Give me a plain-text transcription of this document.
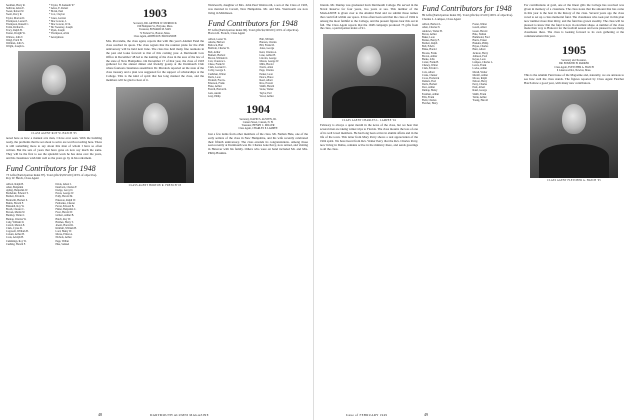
Seelman, Harry R.
Sullivan, Allan E.
Sweet, Robert W.
Swett, Percy R.
Taylor, Morton D.
Thompson, Lester E.
Thompson, Russell C.
Tobin, Richard L.
Tracy, Ralph H.
Turner, Dwight W.
Wallace, John T.
Weigl, Erich H.
Wellman, John S.
Wright, Joseph G.
* Taylor, H. Kenneth '07
* Amos, E. Robert
* Bolan, Paul
* Cox, Clayton
* Jones, Gordon
* Mac Gowan, J.
* Mac Gowan, W. R.
* Mc Sweeney, Joseph
* Ryan, Joseph
* Thompson, Alvin
* Anonymous
CLASS AGENT ROY W. HATCH '05
noted here as how a manual arts man, I have ever seen. With the building ready, the problems that he set about to solve are worth recording here. There is still something more to say about this man of whom I have so often written. But the sets of years that have gone on now say much the same. They will be the first to see the splendid work he has done over the years, and his classmates wish him well as the years go by in his retirement.
Fund Contributors for 1948
73 Gifts (Participation Index 87). Total gifts $3,815.00 (103% of objective). Roy W. Hatch, Class Agent
Abbott, Ralph B.
Allen, Benjamin
Ayling, Benjamin W.
Bachelder, Edward T.
Bartlett, Edwin R.
Beckwith, Herbert S.
Bemis, Harold F.
Blaisdell, Roy W.
Booth, Chester C.
Bowen, Martin W.
Buckley, Walter J.
Burnap, Charles W.
Cady, William D.
Carroll, Merton E.
Clark, Cyrus D.
Cogswell, William B.
Conant, Arthur B.
Cook, Adolph H.
Cummings, Roy W.
Cushing, Harold F.
Davis, Albert J.
Dearborn, Charles F.
Dodge, Leroy D.
Eaton, George W.
Eddy, Harold M.
Emerson, Ralph W.
Fairbanks, Chester
Farrar, Edward B.
Fisher, Benjamin C.
Frost, Harold W.
Gilbert, Arthur B.
Hatch, Roy W.
Holmes, Harry T.
Jewett, Harold R.
Kimball, William H.
Lord, Henry W.
Morse, Elmer A.
Nichols, Arthur
Page, Wilbur
Pike, Samuel
1903
Secretary, DR. ARTHUR W. MURDOCK
196 Hampden St., Holyoke, Mass.
Treasurer, EDWARD M. MAY
72 Federal St., Boston, Mass.
Class Agent, ARTHUR H. PROVANDIE
Mrs. Provandie, the class agent, reports that with this year's Alumni Fund the class reached its quota. The class regrets that the reunion plans for the 45th anniversary will be held next June. The class has held many fine reunions in the past and looks forward to that of this coming year. A Dartmouth Law Office in December '48 led to the naming of the class in the area of the law of the state of New Hampshire. On December 17 of that year, the class of 1903 gathered for the annual dinner and friendly gossip at the Dartmouth Club where fourteen classmates assembled. Dr. Murdock reported on the state of the class treasury and a plan was suggested for the support of scholarships at the College. This is the kind of spirit that has long marked the class, and the members will be glad to hear of it.
CLASS AGENT HORTON R. FRENCH '03
Wentworth, daughter of Mrs. John Paul Wentworth, a son of the Class of 1903, was married in Carroll, New Hampshire. Mr. and Mrs. Wentworth are now living in Middlesex.
Fund Contributors for 1948
87 Gifts (Participation Index 90). Total gifts $4,320.00 (119% of objective). Horton R. French, Class Agent
Abbott, Lester W.
Adams, Herbert
Babcock, Burt
Baldwin, Charles W.
Bell, Arthur
Bennett, Herbert
Brown, William O.
Carr, Clarence L.
Chase, Frank W.
Clark, Leonard C.
Colby, George S.
Cushman, Walter
Davis, Leon
Dwinell, Fred A.
Emerson, Frank
Fiske, Arthur
French, Horton R.
Gale, Austin
Gray, Philip
Hall, William
Hanson, Charles
Hill, Frank M.
Jones, George
Kent, Charles A.
Lane, Arthur H.
Lincoln, George
Mason, George W.
Mills, Harold
Norris, Allen
Page, Charles
Parker, Leon
Pierce, Bruce
Reed, Albert
Rice, Everett
Smith, Harold
Stone, Walter
Taylor, Earl
Wood, Arthur
1904
Secretary, DAVID S. AUSTEN, JR.
Canaan Street, Canaan, N. H.
Treasurer, HENRY C. MILLER
Class Agent, CHARLES P. LAMPEE
Just a few items from other members of the class. Mr. Nathan Hale, one of the early settlers of the class in New Hampshire, and his wife recently celebrated their fiftieth anniversary. The class extends its congratulations. Among those seen recently at Dartmouth was Dr. Charles Gale Perry, now retired, and visiting in Hanover with his family. Others who were on hand included Mr. and Mrs. Philip Haskins.
48	DARTMOUTH ALUMNI MAGAZINE
friends. Mr. Dunlap was graduated from Dartmouth College. He served in the Naval Reserve for four years, two years at sea. This number of the MAGAZINE is given over to the Alumni Fund and we submit those names that could fall within our space. It has often been said that the class of 1904 is among the most faithful to the College, and the present figures bear this out in full. The Class Agent reports that the 1948 campaign produced 73 gifts from the class, a participation index of 91.
CLASS AGENT CHARLES L. LAMPEE '04
February is always a quiet month in the news of the class, but we hear that several men are taking winter trips to Florida. The class mourns the loss of one of its well loved members. He had long been active in alumni affairs and in the life of the town. This letter from Mary Perry shows a real appreciation of the 1904 spirit. We have heard from Rev. Walter Perry that the Rev. Charles Perry, now living in Dallas, remains active in the ministry there, and sends greetings to all the class.
Fund Contributors for 1948
89 Gifts (Participation Index 95). Total gifts $4,115.00 (106% of objective). Charles L. Lampee, Class Agent
Abbott, Herbert L.
Allen, Charles N.
Andrews, Walter B.
Bacon, Arthur
Baker, Leon
Barnes, Henry F.
Bartlett, Ralph
Bell, Edwin
Blake, Harold
Brooks, Frank
Brown, Arthur
Burke, John
Carter, Frank H.
Cheney, Walter
Clark, Edwin C.
Cole, Albert
Crane, Chester
Cross, Frederick
Daniels, Fred
Davis, Herbert
Dow, Arthur
Dunlap, Henry
Eastman, Arthur
Ellis, Frank
Field, Charles
Fletcher, Harry
Foster, Walter
Gould, Albert
Green, Harold
Hale, Nathan
Hammond, Fred
Harris, Ernest
Haskins, Philip
Hayes, Charles
Hunt, Albert
Jackson, Harry
Johnson, Fred
Keyes, Leon
Lampee, Charles L.
Lewis, Frank
Locke, Arthur
Marsh, Walter
Merrill, Arthur
Moore, Ralph
Nelson, Harry
Perry, Charles
Pratt, Albert
Rand, George
Smith, Frank
Tuttle, Arthur
Young, Harold
For contributions of gold, one of the finest gifts the College has received was given in memory of a classmate. The class notes that the amount that has come in this year is the best in the history of the class. Several years ago the class voted to set up a class memorial fund. The classmates who took part in this plan now number more than thirty, and the fund has grown steadily. The class will be pleased to know that the fund is now in excellent shape. A number of the class made their way to Hanover for the football season and were pleased to see many classmates there. The class is looking forward to its own gathering at the commencement this year.
1905
Secretary and Treasurer,
DR. EDMUND B. PARKER
Class Agent, FLETCHER A. HATCH
6 Lakewood Rd., Newton, Mass.
This is the Alumni Fund issue of the Magazine and, naturally, we are anxious to see how well the class stands. The figures reported by Class Agent Fletcher Hatch show a good year, with many new contributors.
CLASS AGENT FLETCHER A. HATCH '05
Issue of FEBRUARY 1949	49
